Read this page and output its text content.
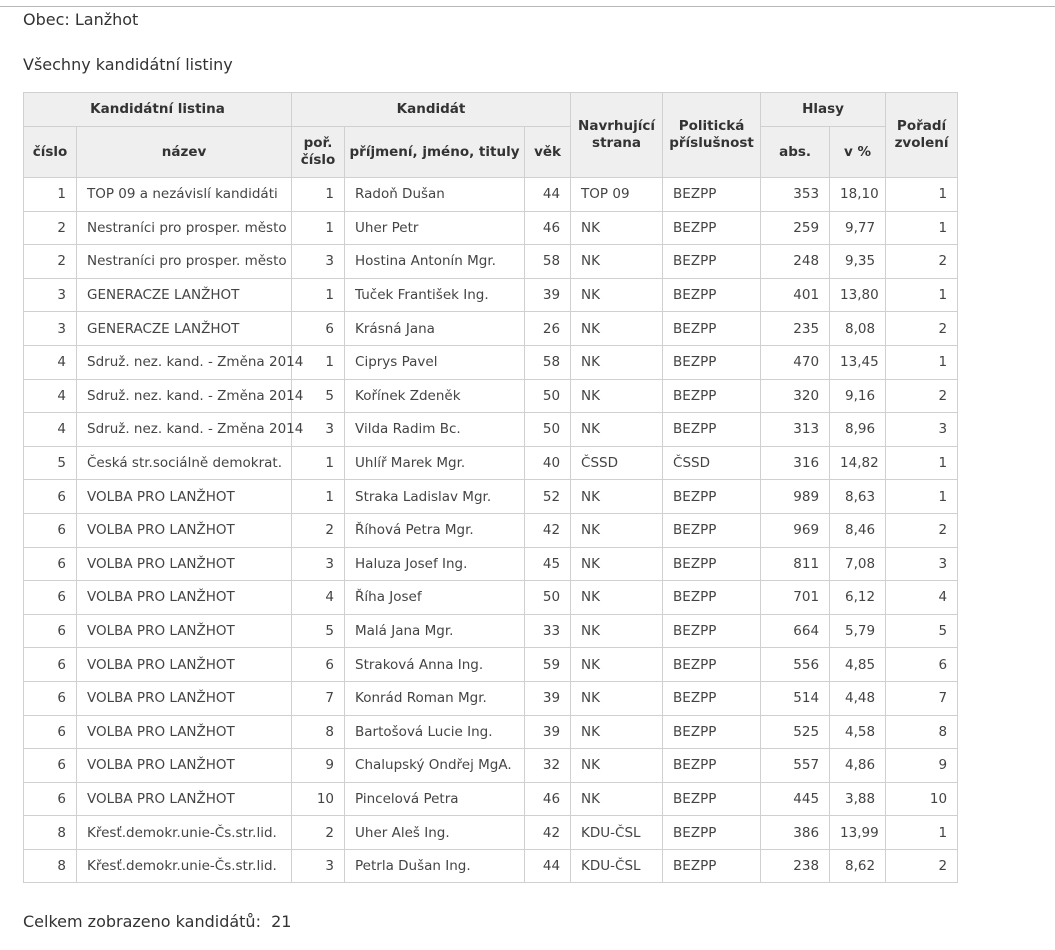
Obec: Lanžhot
Všechny kandidátní listiny
Kandidátní listina		Kandidát			Navrhující strana	Politická příslušnost	Hlasy		Pořadí zvolení
číslo	název	poř. číslo	příjmení, jméno, tituly	věk			abs.	v %	
1	TOP 09 a nezávislí kandidáti	1	Radoň Dušan	44	TOP 09	BEZPP	353	18,10	1
2	Nestraníci pro prosper. město	1	Uher Petr	46	NK	BEZPP	259	9,77	1
2	Nestraníci pro prosper. město	3	Hostina Antonín Mgr.	58	NK	BEZPP	248	9,35	2
3	GENERACZE LANŽHOT	1	Tuček František Ing.	39	NK	BEZPP	401	13,80	1
3	GENERACZE LANŽHOT	6	Krásná Jana	26	NK	BEZPP	235	8,08	2
4	Sdruž. nez. kand. - Změna 2014	1	Ciprys Pavel	58	NK	BEZPP	470	13,45	1
4	Sdruž. nez. kand. - Změna 2014	5	Kořínek Zdeněk	50	NK	BEZPP	320	9,16	2
4	Sdruž. nez. kand. - Změna 2014	3	Vilda Radim Bc.	50	NK	BEZPP	313	8,96	3
5	Česká str.sociálně demokrat.	1	Uhlíř Marek Mgr.	40	ČSSD	ČSSD	316	14,82	1
6	VOLBA PRO LANŽHOT	1	Straka Ladislav Mgr.	52	NK	BEZPP	989	8,63	1
6	VOLBA PRO LANŽHOT	2	Říhová Petra Mgr.	42	NK	BEZPP	969	8,46	2
6	VOLBA PRO LANŽHOT	3	Haluza Josef Ing.	45	NK	BEZPP	811	7,08	3
6	VOLBA PRO LANŽHOT	4	Říha Josef	50	NK	BEZPP	701	6,12	4
6	VOLBA PRO LANŽHOT	5	Malá Jana Mgr.	33	NK	BEZPP	664	5,79	5
6	VOLBA PRO LANŽHOT	6	Straková Anna Ing.	59	NK	BEZPP	556	4,85	6
6	VOLBA PRO LANŽHOT	7	Konrád Roman Mgr.	39	NK	BEZPP	514	4,48	7
6	VOLBA PRO LANŽHOT	8	Bartošová Lucie Ing.	39	NK	BEZPP	525	4,58	8
6	VOLBA PRO LANŽHOT	9	Chalupský Ondřej MgA.	32	NK	BEZPP	557	4,86	9
6	VOLBA PRO LANŽHOT	10	Pincelová Petra	46	NK	BEZPP	445	3,88	10
8	Křesť.demokr.unie-Čs.str.lid.	2	Uher Aleš Ing.	42	KDU-ČSL	BEZPP	386	13,99	1
8	Křesť.demokr.unie-Čs.str.lid.	3	Petrla Dušan Ing.	44	KDU-ČSL	BEZPP	238	8,62	2
Celkem zobrazeno kandidátů: 21
